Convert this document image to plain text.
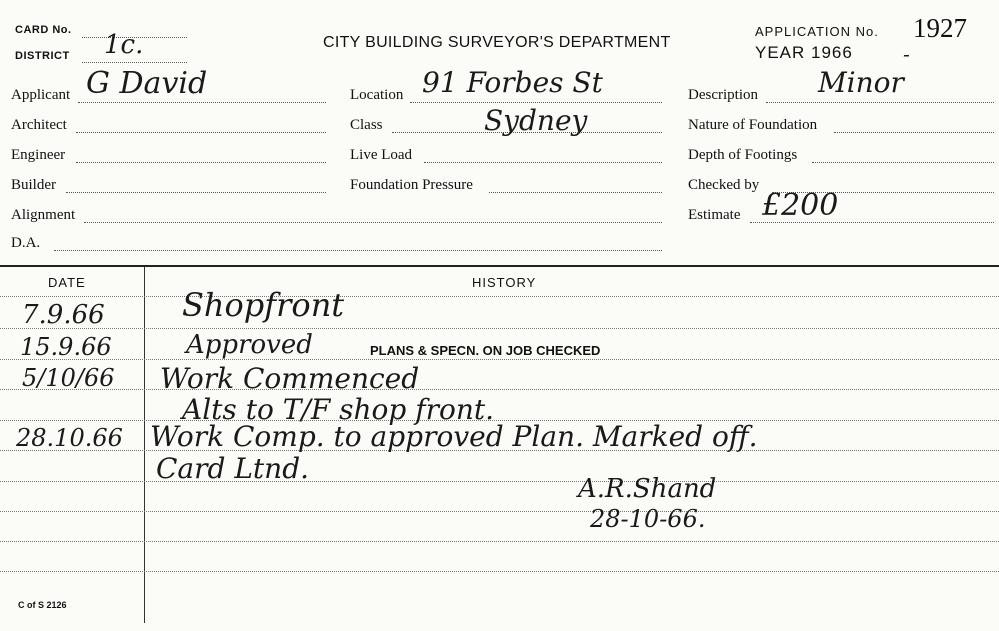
CARD No.
DISTRICT 1c.	CITY BUILDING SURVEYOR'S DEPARTMENT
APPLICATION No. 1927
YEAR 1966	-
Applicant G David
Architect
Engineer
Builder
Alignment
D.A.
Location 91 Forbes St
Class	Sydney
Live Load
Foundation Pressure
Description Minor
Nature of Foundation
Depth of Footings
Checked by
Estimate £200
DATE	HISTORY
7.9.66 Shopfront
15.9.66	Approved	PLANS & SPECN. ON JOB CHECKED
5/10/66 Work Commenced
Alts to T/F shop front.
28.10.66 Work Comp. to approved Plan. Marked off.
Card Ltnd.
A.R.Shand
28-10-66.
C of S 2126
